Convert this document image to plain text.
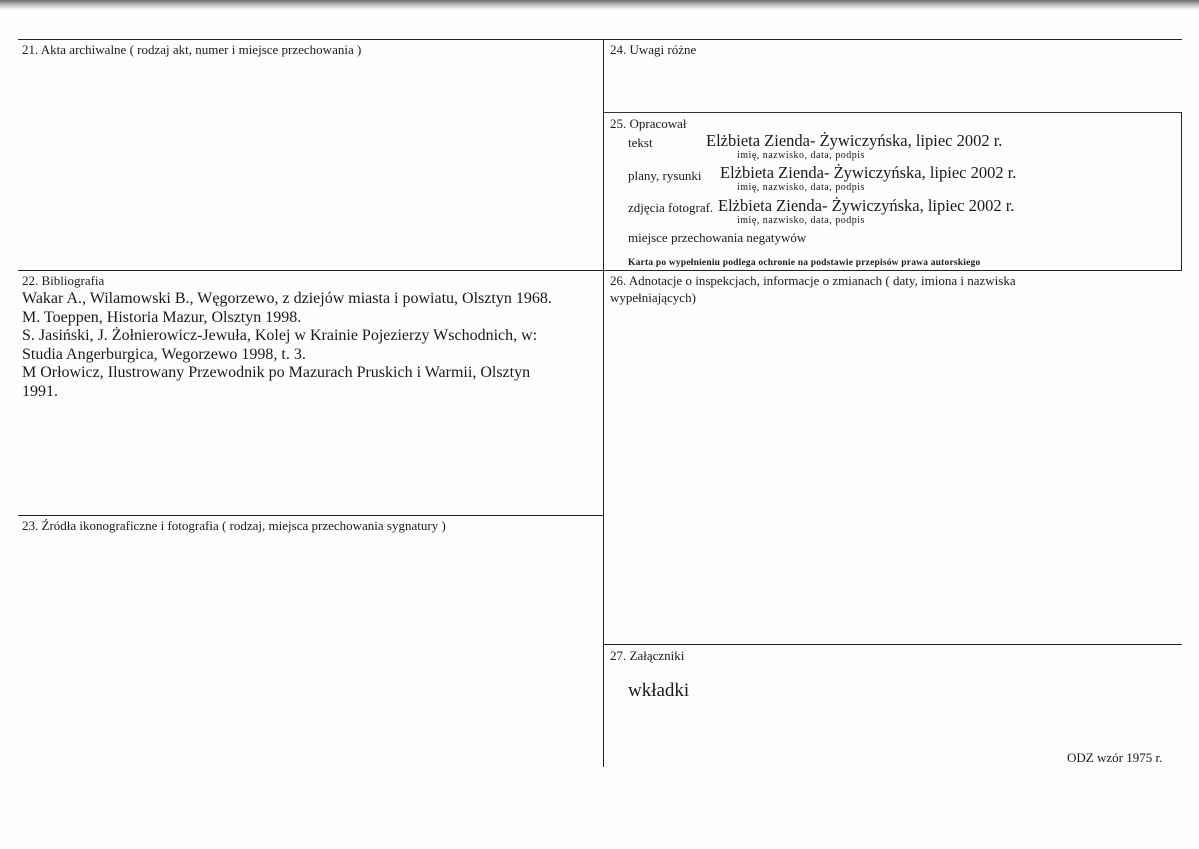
21. Akta archiwalne ( rodzaj akt, numer i miejsce przechowania )
22. Bibliografia
Wakar A., Wilamowski B., Węgorzewo, z dziejów miasta i powiatu, Olsztyn 1968.
M. Toeppen, Historia Mazur, Olsztyn 1998.
S. Jasiński, J. Żołnierowicz-Jewuła, Kolej w Krainie Pojezierzy Wschodnich, w:
Studia Angerburgica, Wegorzewo 1998, t. 3.
M Orłowicz, Ilustrowany Przewodnik po Mazurach Pruskich i Warmii, Olsztyn
1991.
23. Źródła ikonograficzne i fotografia ( rodzaj, miejsca przechowania sygnatury )
24. Uwagi różne
25. Opracował
tekst	Elżbieta Zienda- Żywiczyńska, lipiec 2002 r.
imię, nazwisko, data, podpis
plany, rysunki Elżbieta Zienda- Żywiczyńska, lipiec 2002 r.
imię, nazwisko, data, podpis
zdjęcia fotograf. Elżbieta Zienda- Żywiczyńska, lipiec 2002 r.
imię, nazwisko, data, podpis
miejsce przechowania negatywów
Karta po wypełnieniu podlega ochronie na podstawie przepisów prawa autorskiego
26. Adnotacje o inspekcjach, informacje o zmianach ( daty, imiona i nazwiska
wypełniających)
27. Załączniki
wkładki
ODZ wzór 1975 r.
